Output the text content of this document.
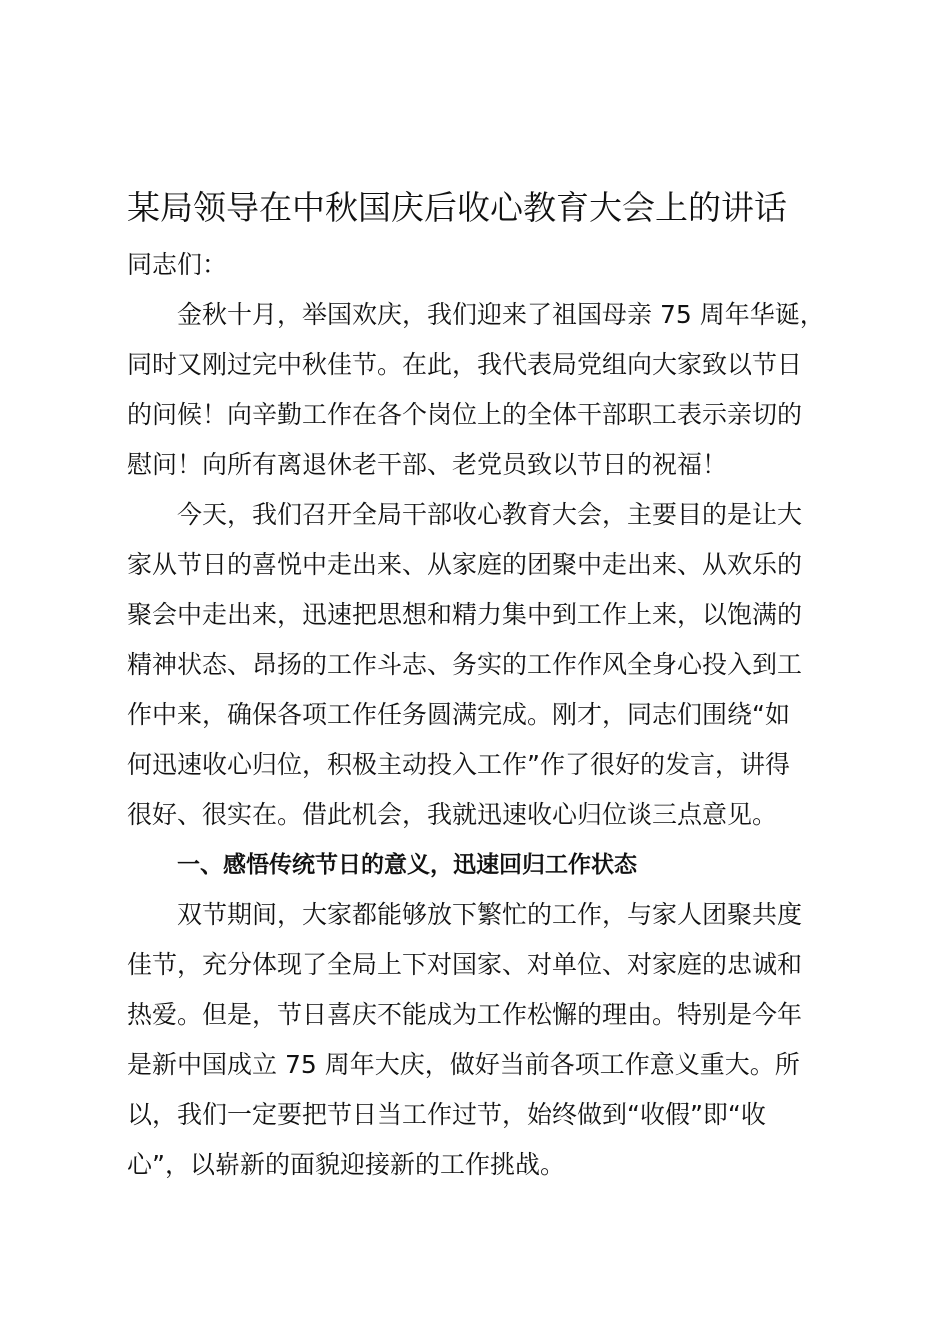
某局领导在中秋国庆后收心教育大会上的讲话

同志们：

金秋十月，举国欢庆，我们迎来了祖国母亲 75 周年华诞，
同时又刚过完中秋佳节。在此，我代表局党组向大家致以节日
的问候！向辛勤工作在各个岗位上的全体干部职工表示亲切的
慰问！向所有离退休老干部、老党员致以节日的祝福！
今天，我们召开全局干部收心教育大会，主要目的是让大
家从节日的喜悦中走出来、从家庭的团聚中走出来、从欢乐的
聚会中走出来，迅速把思想和精力集中到工作上来，以饱满的
精神状态、昂扬的工作斗志、务实的工作作风全身心投入到工
作中来，确保各项工作任务圆满完成。刚才，同志们围绕“如
何迅速收心归位，积极主动投入工作”作了很好的发言，讲得
很好、很实在。借此机会，我就迅速收心归位谈三点意见。
一、感悟传统节日的意义，迅速回归工作状态
双节期间，大家都能够放下繁忙的工作，与家人团聚共度
佳节，充分体现了全局上下对国家、对单位、对家庭的忠诚和
热爱。但是，节日喜庆不能成为工作松懈的理由。特别是今年
是新中国成立 75 周年大庆，做好当前各项工作意义重大。所
以，我们一定要把节日当工作过节，始终做到“收假”即“收
心”，以崭新的面貌迎接新的工作挑战。
